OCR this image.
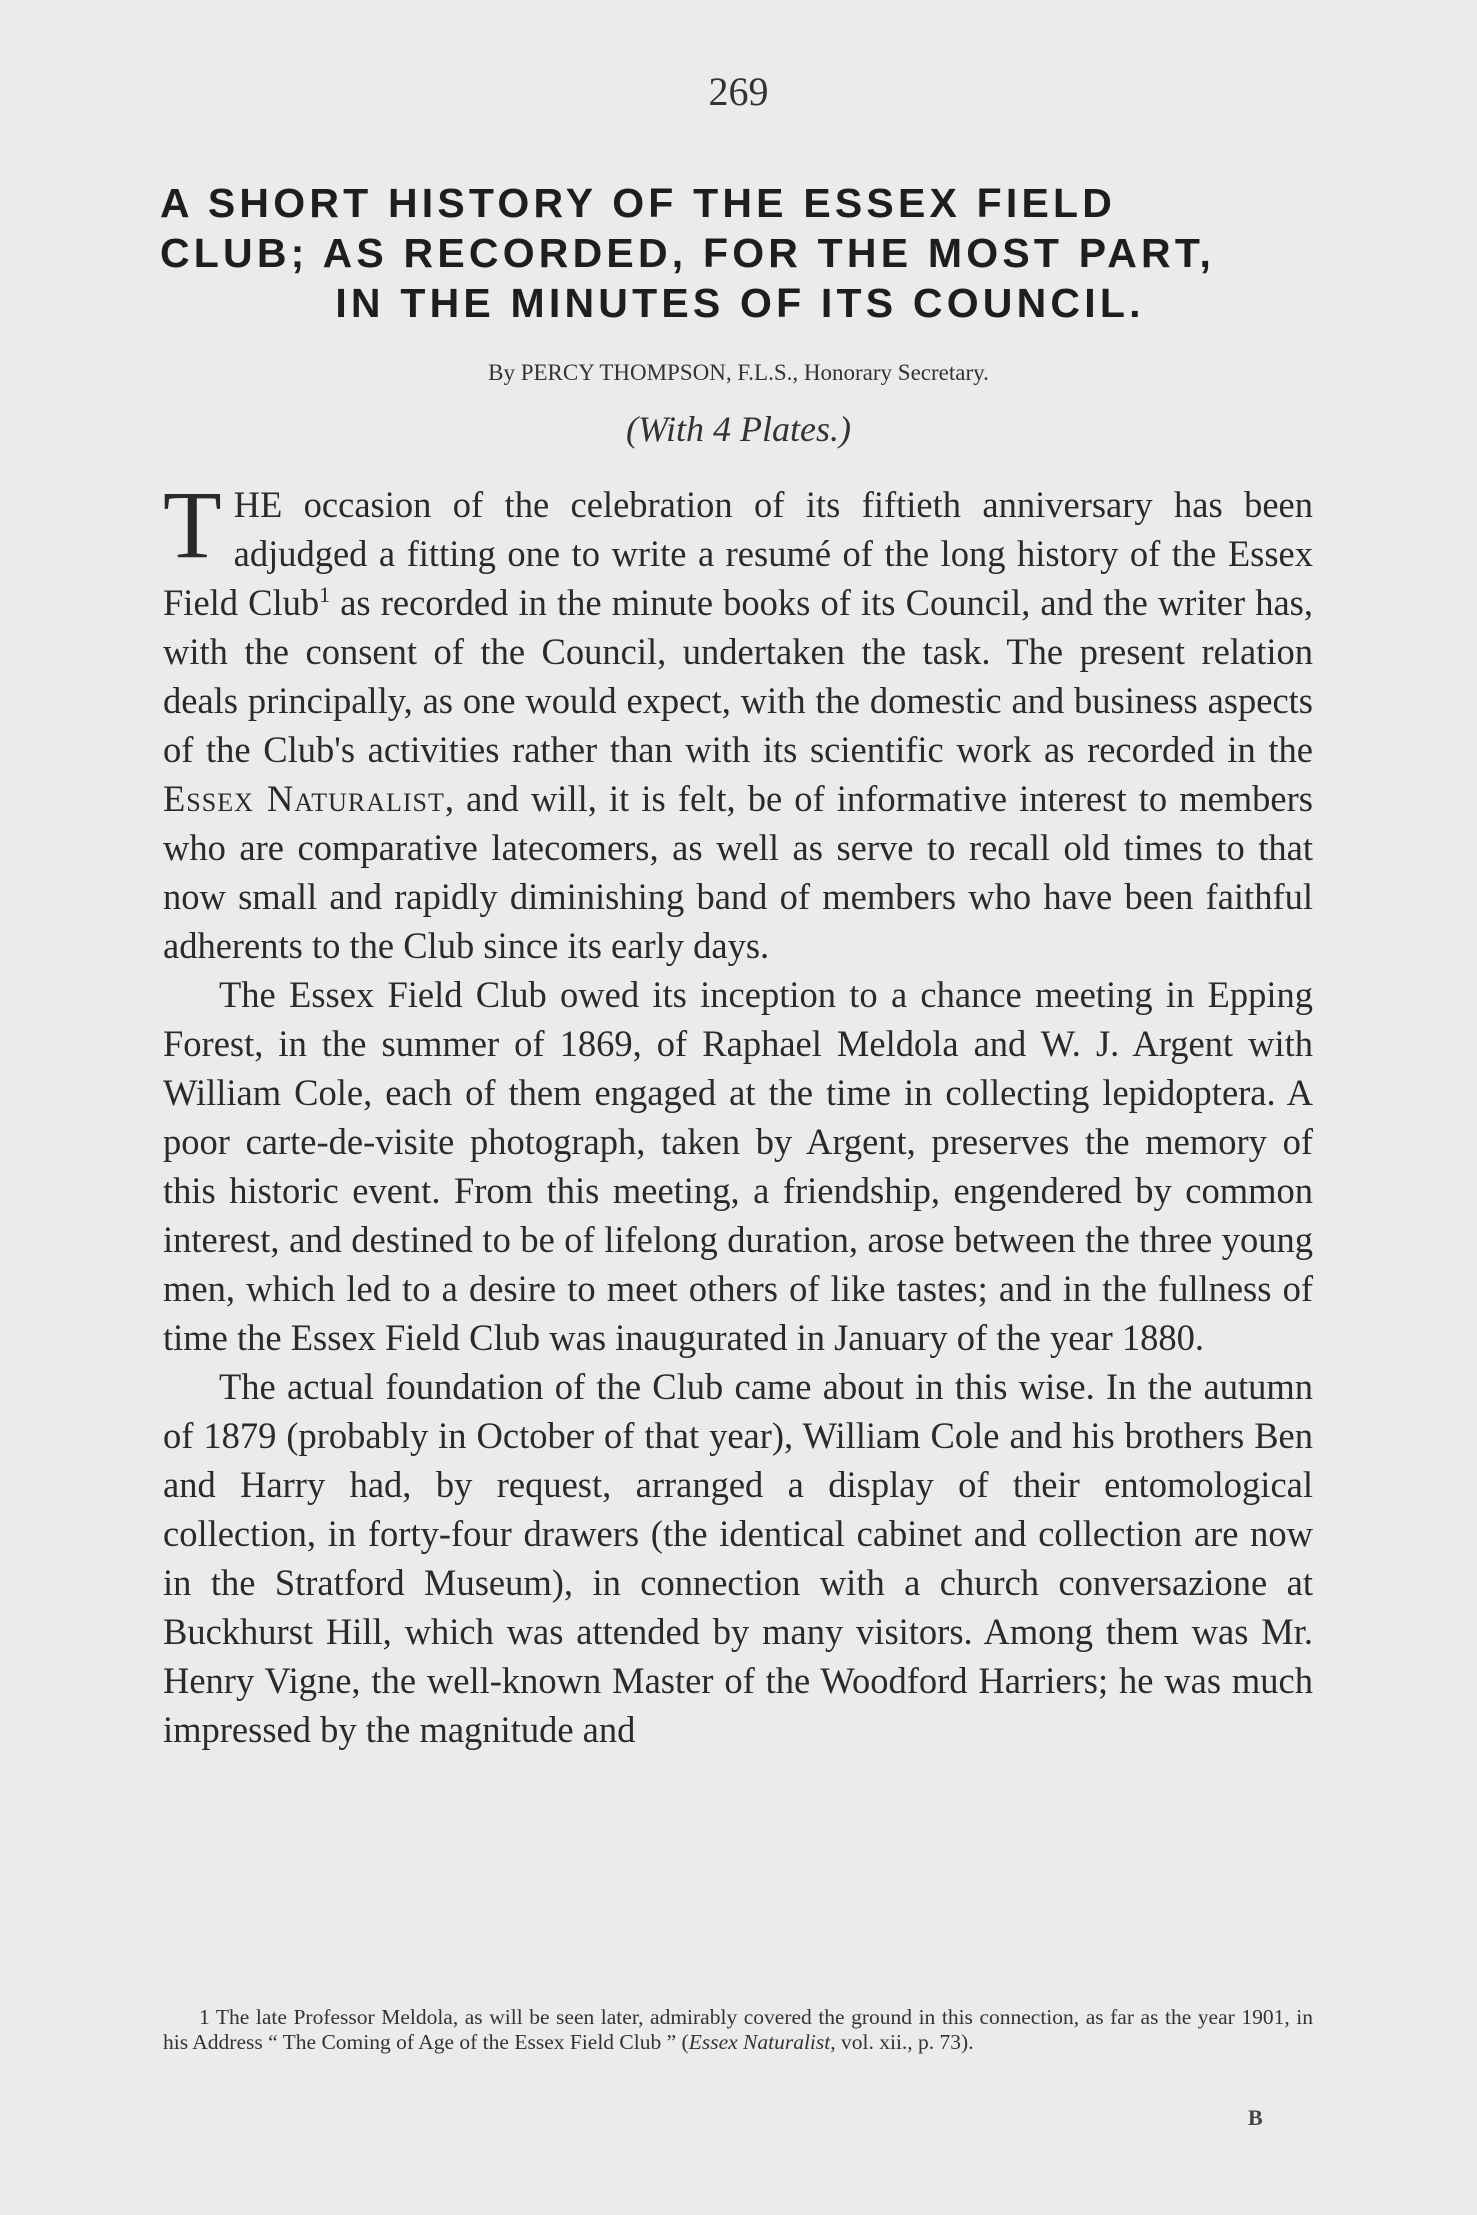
269
A SHORT HISTORY OF THE ESSEX FIELD
CLUB; AS RECORDED, FOR THE MOST PART,
IN THE MINUTES OF ITS COUNCIL.
By PERCY THOMPSON, F.L.S., Honorary Secretary.
(With 4 Plates.)

THE occasion of the celebration of its fiftieth anniversary has been adjudged a fitting one to write a resumé of the long history of the Essex Field Club$^1$ as recorded in the minute books of its Council, and the writer has, with the consent of the Council, undertaken the task. The present relation deals principally, as one would expect, with the domestic and business aspects of the Club's activities rather than with its scientific work as recorded in the Essex Naturalist, and will, it is felt, be of informative interest to members who are comparative latecomers, as well as serve to recall old times to that now small and rapidly diminishing band of members who have been faithful adherents to the Club since its early days.

The Essex Field Club owed its inception to a chance meeting in Epping Forest, in the summer of 1869, of Raphael Meldola and W. J. Argent with William Cole, each of them engaged at the time in collecting lepidoptera. A poor carte-de-visite photograph, taken by Argent, preserves the memory of this historic event. From this meeting, a friendship, engendered by common interest, and destined to be of lifelong duration, arose between the three young men, which led to a desire to meet others of like tastes; and in the fullness of time the Essex Field Club was inaugurated in January of the year 1880.

The actual foundation of the Club came about in this wise. In the autumn of 1879 (probably in October of that year), William Cole and his brothers Ben and Harry had, by request, arranged a display of their entomological collection, in forty-four drawers (the identical cabinet and collection are now in the Stratford Museum), in connection with a church conversazione at Buckhurst Hill, which was attended by many visitors. Among them was Mr. Henry Vigne, the well-known Master of the Woodford Harriers; he was much impressed by the magnitude and

1 The late Professor Meldola, as will be seen later, admirably covered the ground in this connection, as far as the year 1901, in his Address “ The Coming of Age of the Essex Field Club ” (Essex Naturalist, vol. xii., p. 73).

B
